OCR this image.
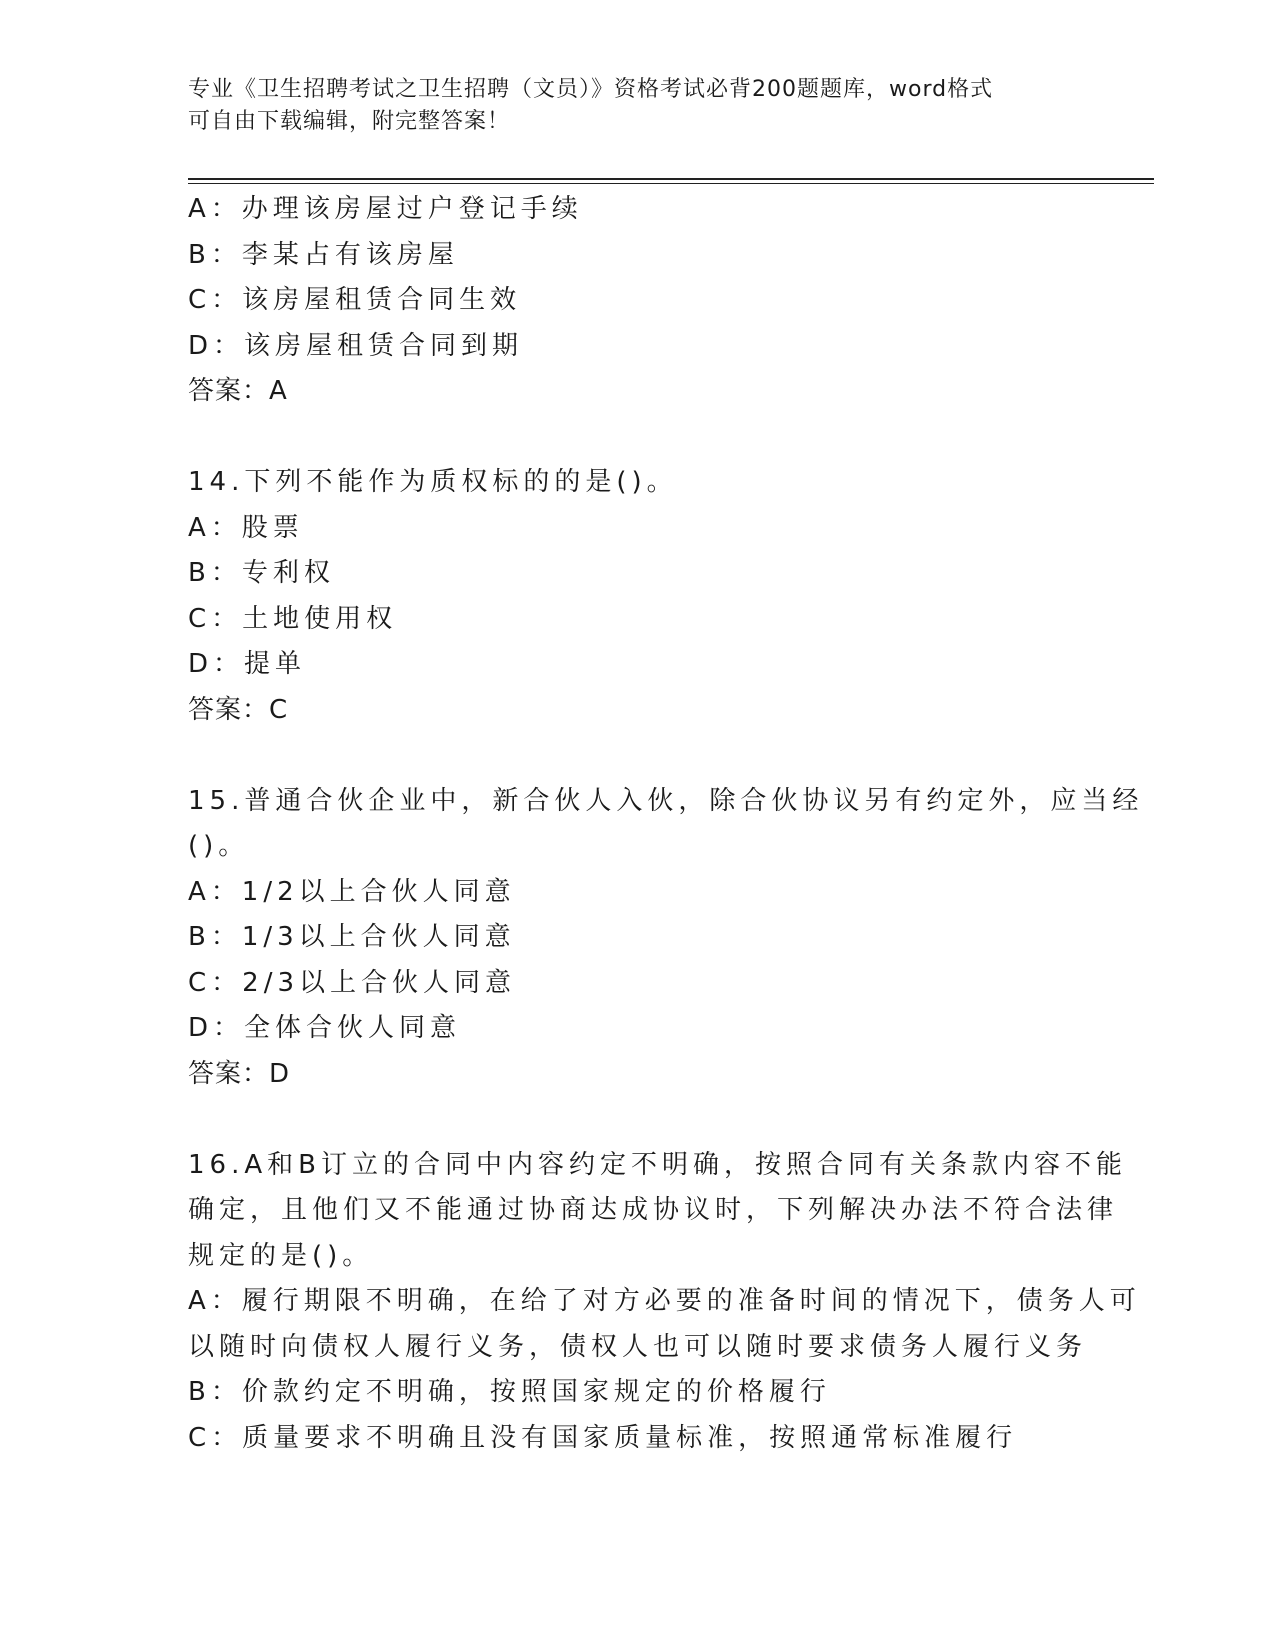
专业《卫生招聘考试之卫生招聘（文员）》资格考试必背200题题库，word格式
可自由下载编辑，附完整答案！
A：办理该房屋过户登记手续
B：李某占有该房屋
C：该房屋租赁合同生效
D：该房屋租赁合同到期
答案：A
14.下列不能作为质权标的的是()。
A：股票
B：专利权
C：土地使用权
D：提单
答案：C
15.普通合伙企业中，新合伙人入伙，除合伙协议另有约定外，应当经
()。
A：1/2以上合伙人同意
B：1/3以上合伙人同意
C：2/3以上合伙人同意
D：全体合伙人同意
答案：D
16.A和B订立的合同中内容约定不明确，按照合同有关条款内容不能
确定，且他们又不能通过协商达成协议时，下列解决办法不符合法律
规定的是()。
A：履行期限不明确，在给了对方必要的准备时间的情况下，债务人可
以随时向债权人履行义务，债权人也可以随时要求债务人履行义务
B：价款约定不明确，按照国家规定的价格履行
C：质量要求不明确且没有国家质量标准，按照通常标准履行
